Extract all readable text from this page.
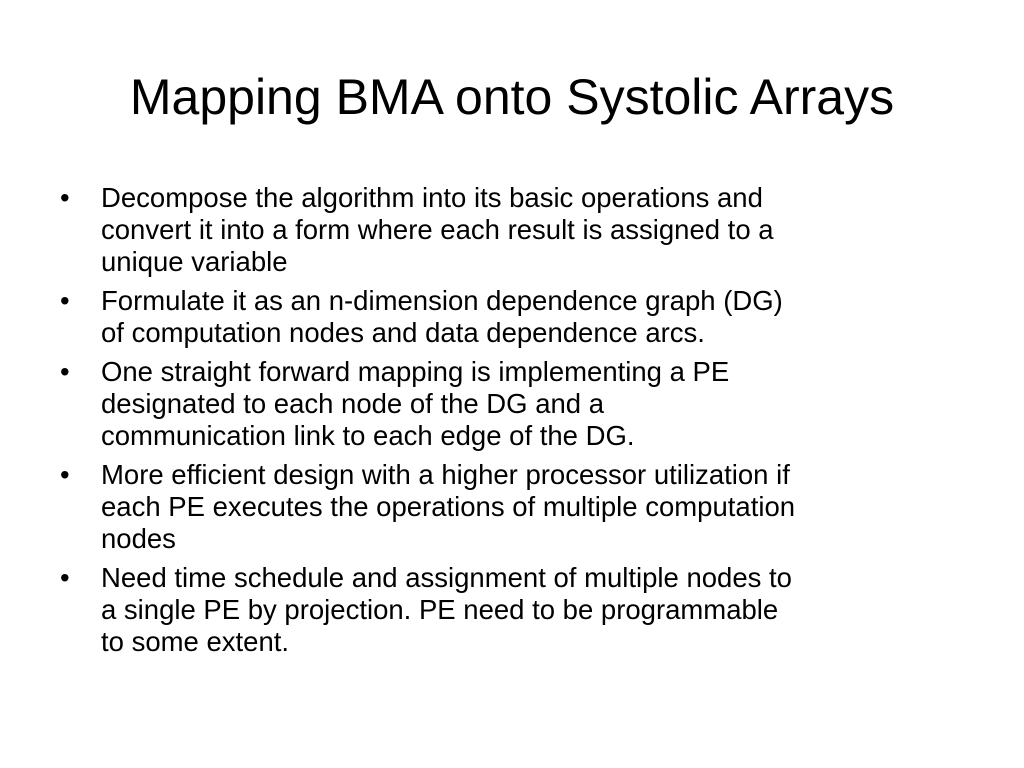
Mapping BMA onto Systolic Arrays
• Decompose the algorithm into its basic operations and
convert it into a form where each result is assigned to a
unique variable
• Formulate it as an n-dimension dependence graph (DG)
of computation nodes and data dependence arcs.
• One straight forward mapping is implementing a PE
designated to each node of the DG and a
communication link to each edge of the DG.
• More efficient design with a higher processor utilization if
each PE executes the operations of multiple computation
nodes
• Need time schedule and assignment of multiple nodes to
a single PE by projection. PE need to be programmable
to some extent.
